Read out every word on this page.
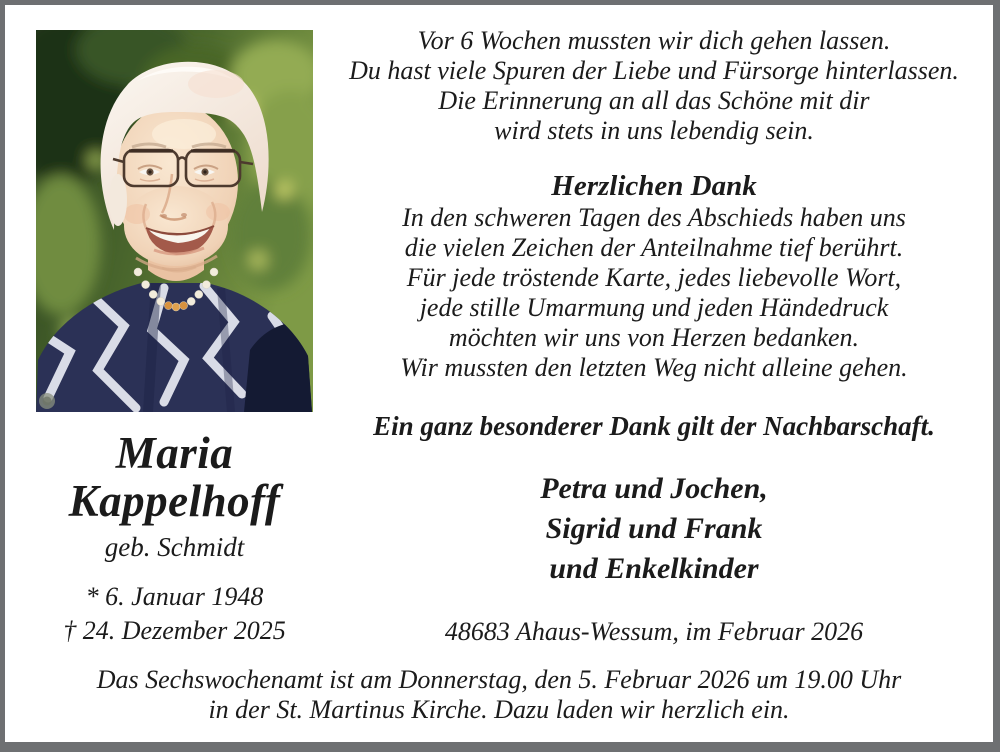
Maria
Kappelhoff
geb. Schmidt
* 6. Januar 1948
† 24. Dezember 2025
Vor 6 Wochen mussten wir dich gehen lassen.
Du hast viele Spuren der Liebe und Fürsorge hinterlassen.
Die Erinnerung an all das Schöne mit dir
wird stets in uns lebendig sein.
Herzlichen Dank
In den schweren Tagen des Abschieds haben uns
die vielen Zeichen der Anteilnahme tief berührt.
Für jede tröstende Karte, jedes liebevolle Wort,
jede stille Umarmung und jeden Händedruck
möchten wir uns von Herzen bedanken.
Wir mussten den letzten Weg nicht alleine gehen.
Ein ganz besonderer Dank gilt der Nachbarschaft.
Petra und Jochen,
Sigrid und Frank
und Enkelkinder
48683 Ahaus-Wessum, im Februar 2026
Das Sechswochenamt ist am Donnerstag, den 5. Februar 2026 um 19.00 Uhr
in der St. Martinus Kirche. Dazu laden wir herzlich ein.
